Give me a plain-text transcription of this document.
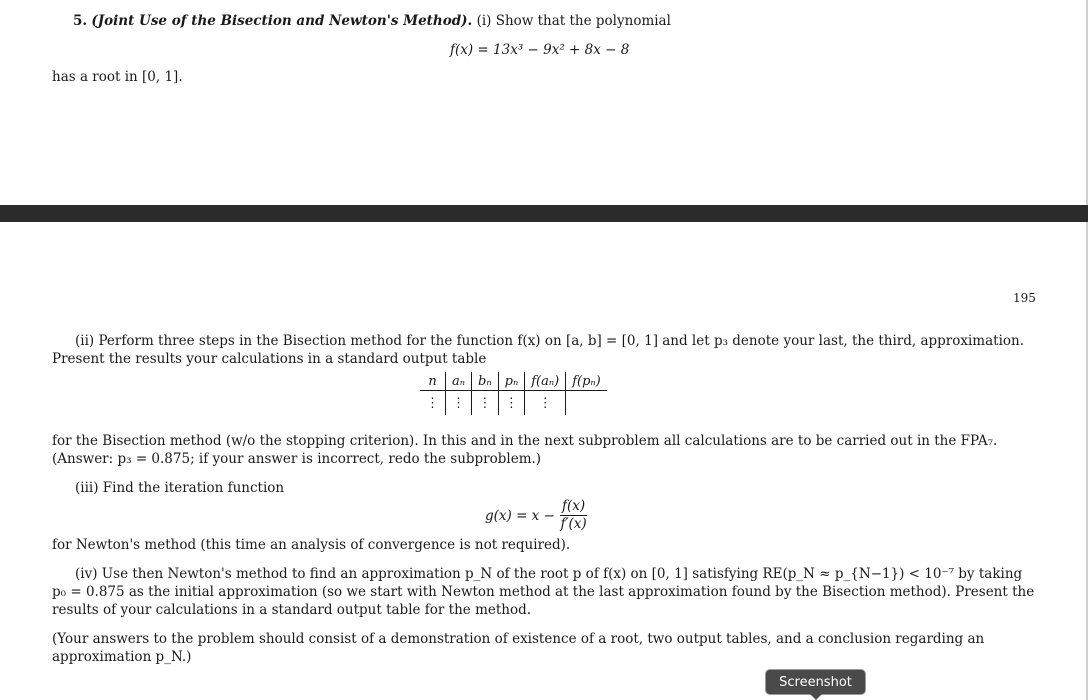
5. (Joint Use of the Bisection and Newton's Method). (i) Show that the polynomial
f(x) = 13x³ − 9x² + 8x − 8
has a root in [0, 1].
195
(ii) Perform three steps in the Bisection method for the function f(x) on [a, b] = [0, 1] and let p₃ denote your last, the third, approximation.
Present the results your calculations in a standard output table
n	aₙ	bₙ	pₙ	f(aₙ)	f(pₙ)
⋮	⋮	⋮	⋮	⋮	
for the Bisection method (w/o the stopping criterion). In this and in the next subproblem all calculations are to be carried out in the FPA₇.
(Answer: p₃ = 0.875; if your answer is incorrect, redo the subproblem.)
(iii) Find the iteration function
$g(x) = x - \frac{f(x)}{f'(x)}$
for Newton's method (this time an analysis of convergence is not required).
(iv) Use then Newton's method to find an approximation p_N of the root p of f(x) on [0, 1] satisfying RE(p_N ≈ p_{N−1}) < 10⁻⁷ by taking
p₀ = 0.875 as the initial approximation (so we start with Newton method at the last approximation found by the Bisection method). Present the
results of your calculations in a standard output table for the method.
(Your answers to the problem should consist of a demonstration of existence of a root, two output tables, and a conclusion regarding an
approximation p_N.)
Screenshot
